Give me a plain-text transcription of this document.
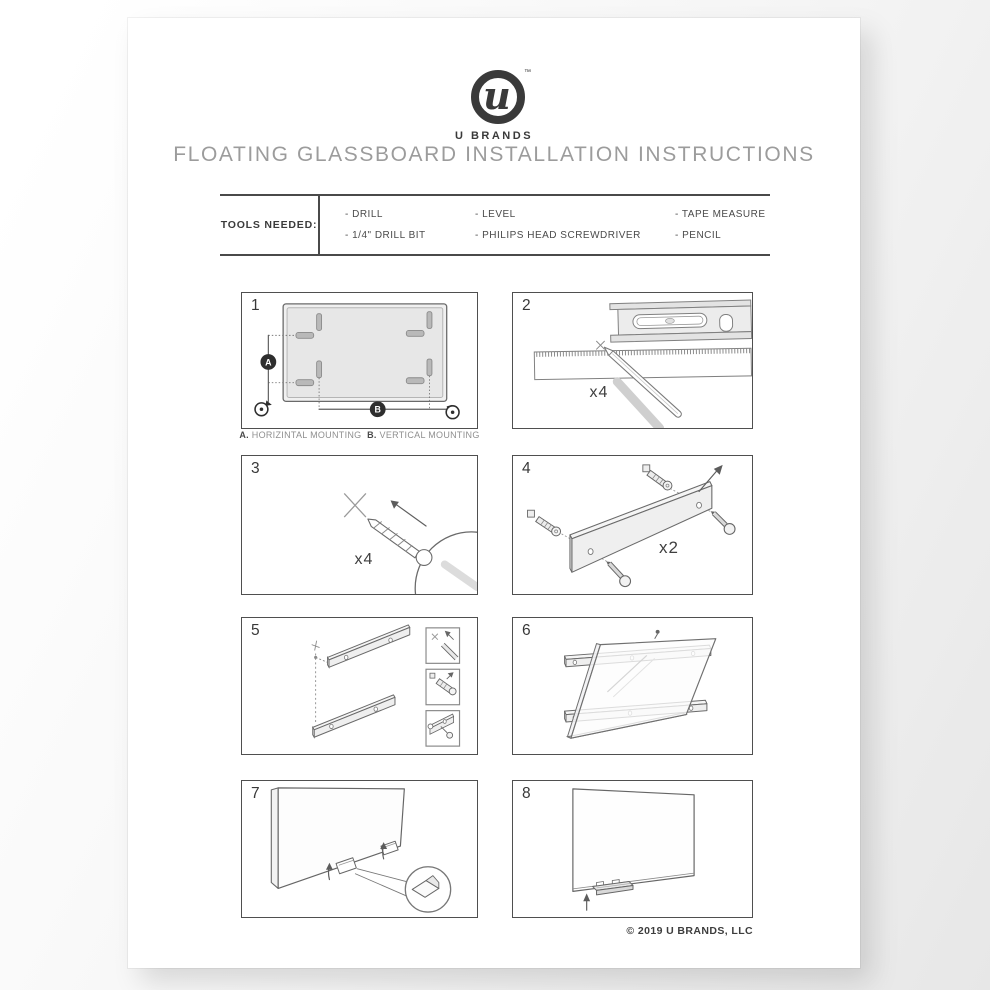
u
™
U BRANDS
FLOATING GLASSBOARD INSTALLATION INSTRUCTIONS
TOOLS NEEDED:
- DRILL
- 1/4" DRILL BIT
- LEVEL
- PHILIPS HEAD SCREWDRIVER
- TAPE MEASURE
- PENCIL
1
A
B
A. HORIZINTAL MOUNTING B. VERTICAL MOUNTING
2
x4
3
x4
4
x2
5	6
7	8
© 2019 U BRANDS, LLC
